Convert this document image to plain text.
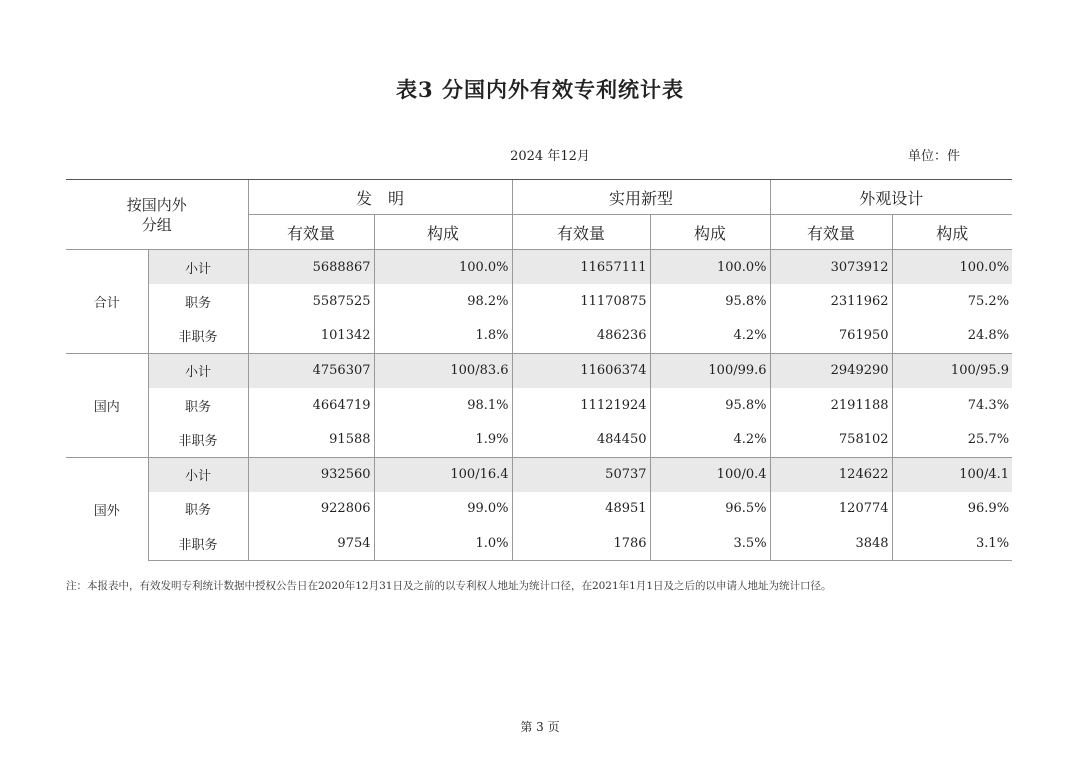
表3 分国内外有效专利统计表
2024 年12月	单位：件
按国内外
分组		发　明		实用新型		外观设计	
		有效量	构成	有效量	构成	有效量	构成
合计	小计	5688867	100.0%	11657111	100.0%	3073912	100.0%
	职务	5587525	98.2%	11170875	95.8%	2311962	75.2%
	非职务	101342	1.8%	486236	4.2%	761950	24.8%
国内	小计	4756307	100/83.6	11606374	100/99.6	2949290	100/95.9
	职务	4664719	98.1%	11121924	95.8%	2191188	74.3%
	非职务	91588	1.9%	484450	4.2%	758102	25.7%
国外	小计	932560	100/16.4	50737	100/0.4	124622	100/4.1
	职务	922806	99.0%	48951	96.5%	120774	96.9%
	非职务	9754	1.0%	1786	3.5%	3848	3.1%
注：本报表中，有效发明专利统计数据中授权公告日在2020年12月31日及之前的以专利权人地址为统计口径，在2021年1月1日及之后的以申请人地址为统计口径。
第 3 页
